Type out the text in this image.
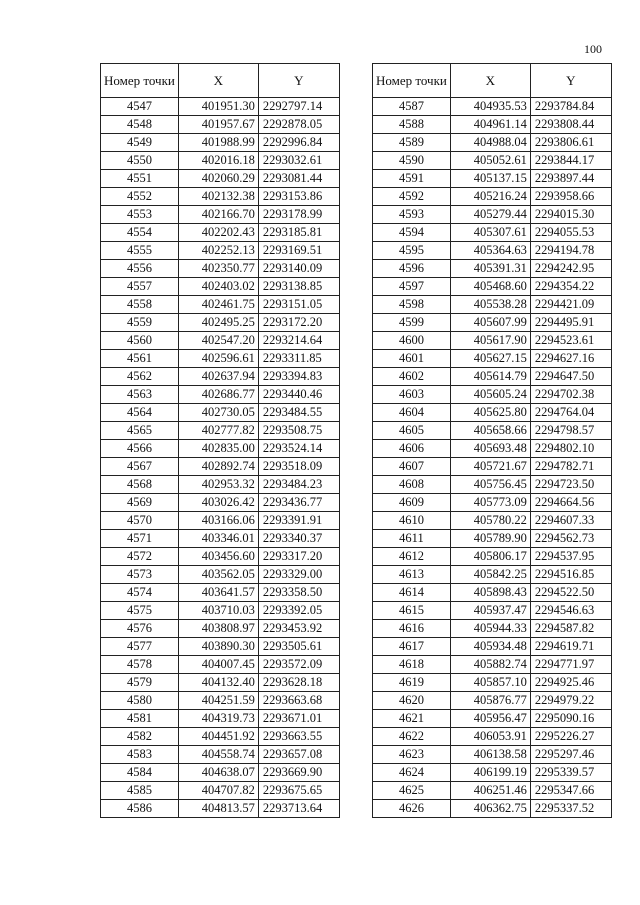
100
Номер точки	X	Y
4547	401951.30	2292797.14
4548	401957.67	2292878.05
4549	401988.99	2292996.84
4550	402016.18	2293032.61
4551	402060.29	2293081.44
4552	402132.38	2293153.86
4553	402166.70	2293178.99
4554	402202.43	2293185.81
4555	402252.13	2293169.51
4556	402350.77	2293140.09
4557	402403.02	2293138.85
4558	402461.75	2293151.05
4559	402495.25	2293172.20
4560	402547.20	2293214.64
4561	402596.61	2293311.85
4562	402637.94	2293394.83
4563	402686.77	2293440.46
4564	402730.05	2293484.55
4565	402777.82	2293508.75
4566	402835.00	2293524.14
4567	402892.74	2293518.09
4568	402953.32	2293484.23
4569	403026.42	2293436.77
4570	403166.06	2293391.91
4571	403346.01	2293340.37
4572	403456.60	2293317.20
4573	403562.05	2293329.00
4574	403641.57	2293358.50
4575	403710.03	2293392.05
4576	403808.97	2293453.92
4577	403890.30	2293505.61
4578	404007.45	2293572.09
4579	404132.40	2293628.18
4580	404251.59	2293663.68
4581	404319.73	2293671.01
4582	404451.92	2293663.55
4583	404558.74	2293657.08
4584	404638.07	2293669.90
4585	404707.82	2293675.65
4586	404813.57	2293713.64
Номер точки	X	Y
4587	404935.53	2293784.84
4588	404961.14	2293808.44
4589	404988.04	2293806.61
4590	405052.61	2293844.17
4591	405137.15	2293897.44
4592	405216.24	2293958.66
4593	405279.44	2294015.30
4594	405307.61	2294055.53
4595	405364.63	2294194.78
4596	405391.31	2294242.95
4597	405468.60	2294354.22
4598	405538.28	2294421.09
4599	405607.99	2294495.91
4600	405617.90	2294523.61
4601	405627.15	2294627.16
4602	405614.79	2294647.50
4603	405605.24	2294702.38
4604	405625.80	2294764.04
4605	405658.66	2294798.57
4606	405693.48	2294802.10
4607	405721.67	2294782.71
4608	405756.45	2294723.50
4609	405773.09	2294664.56
4610	405780.22	2294607.33
4611	405789.90	2294562.73
4612	405806.17	2294537.95
4613	405842.25	2294516.85
4614	405898.43	2294522.50
4615	405937.47	2294546.63
4616	405944.33	2294587.82
4617	405934.48	2294619.71
4618	405882.74	2294771.97
4619	405857.10	2294925.46
4620	405876.77	2294979.22
4621	405956.47	2295090.16
4622	406053.91	2295226.27
4623	406138.58	2295297.46
4624	406199.19	2295339.57
4625	406251.46	2295347.66
4626	406362.75	2295337.52
